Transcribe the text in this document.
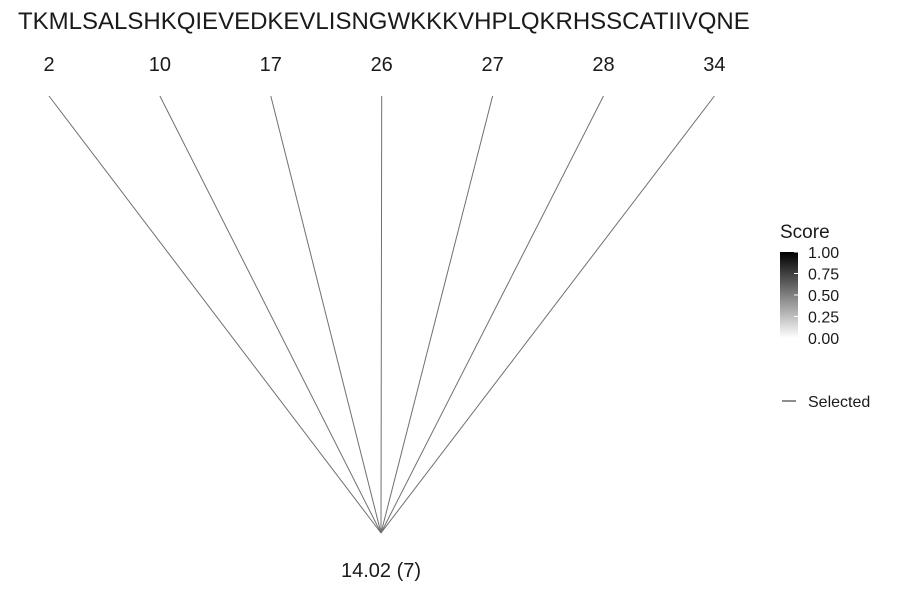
TKMLSALSHKQIEVEDKEVLISNGWKKKVHPLQKRHSSCATIIVQNE
2	10	17	26	27	28	34
14.02 (7)
Score
1.00
0.75
0.50
0.25
0.00
Selected
